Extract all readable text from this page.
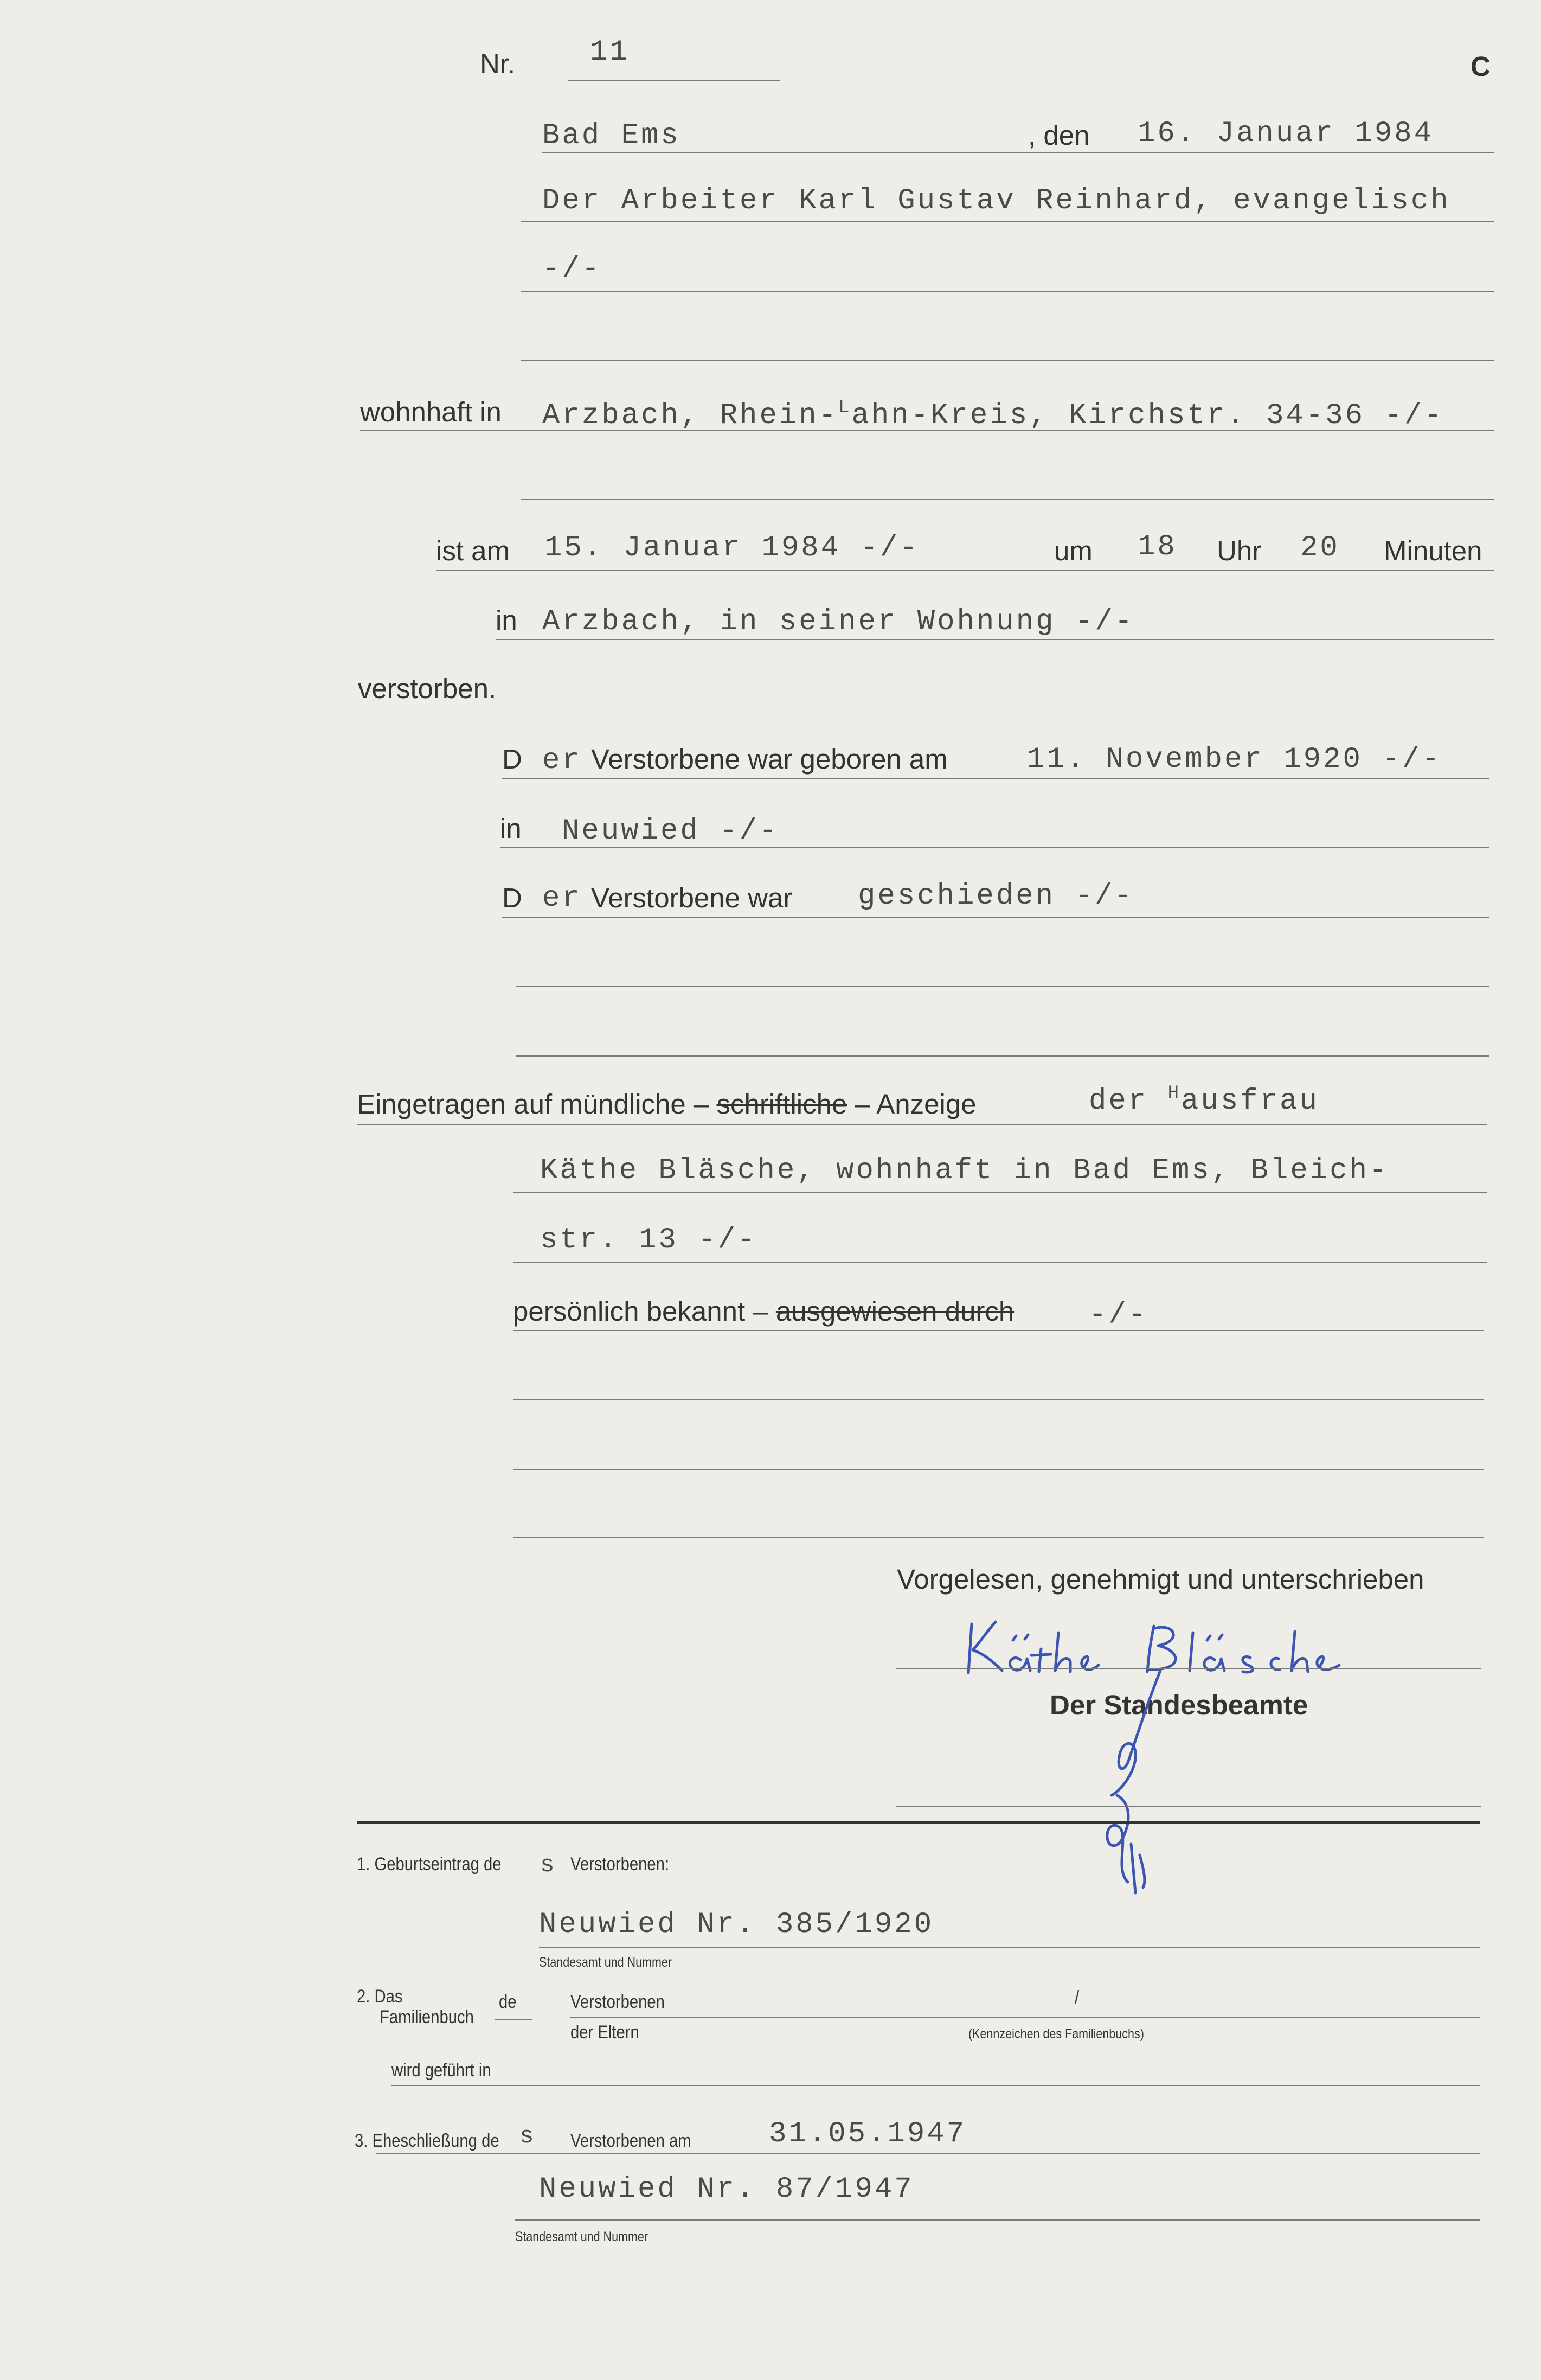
Nr.	11	C
Bad Ems	, den 16. Januar 1984
Der Arbeiter Karl Gustav Reinhard, evangelisch
-/-
wohnhaft in Arzbach, Rhein-$^L$ahn-Kreis, Kirchstr. 34-36 -/-
ist am 15. Januar 1984 -/-	um 18 Uhr 20 Minuten
in Arzbach, in seiner Wohnung -/-
verstorben.
D er Verstorbene war geboren am	11. November 1920 -/-
in Neuwied -/-
D er Verstorbene war geschieden -/-
Eingetragen auf mündliche – schriftliche – Anzeige	der $^H$ausfrau
Käthe Bläsche, wohnhaft in Bad Ems, Bleich-
str. 13 -/-
persönlich bekannt – ausgewiesen durch	-/-
Vorgelesen, genehmigt und unterschrieben
Der Standesbeamte
1. Geburtseintrag de s Verstorbenen:
Neuwied Nr. 385/1920
Standesamt und Nummer
2. Das
Familienbuch
de	Verstorbenen	/
der Eltern	(Kennzeichen des Familienbuchs)
wird geführt in
3. Eheschließung de s Verstorbenen am	31.05.1947
Neuwied Nr. 87/1947
Standesamt und Nummer
